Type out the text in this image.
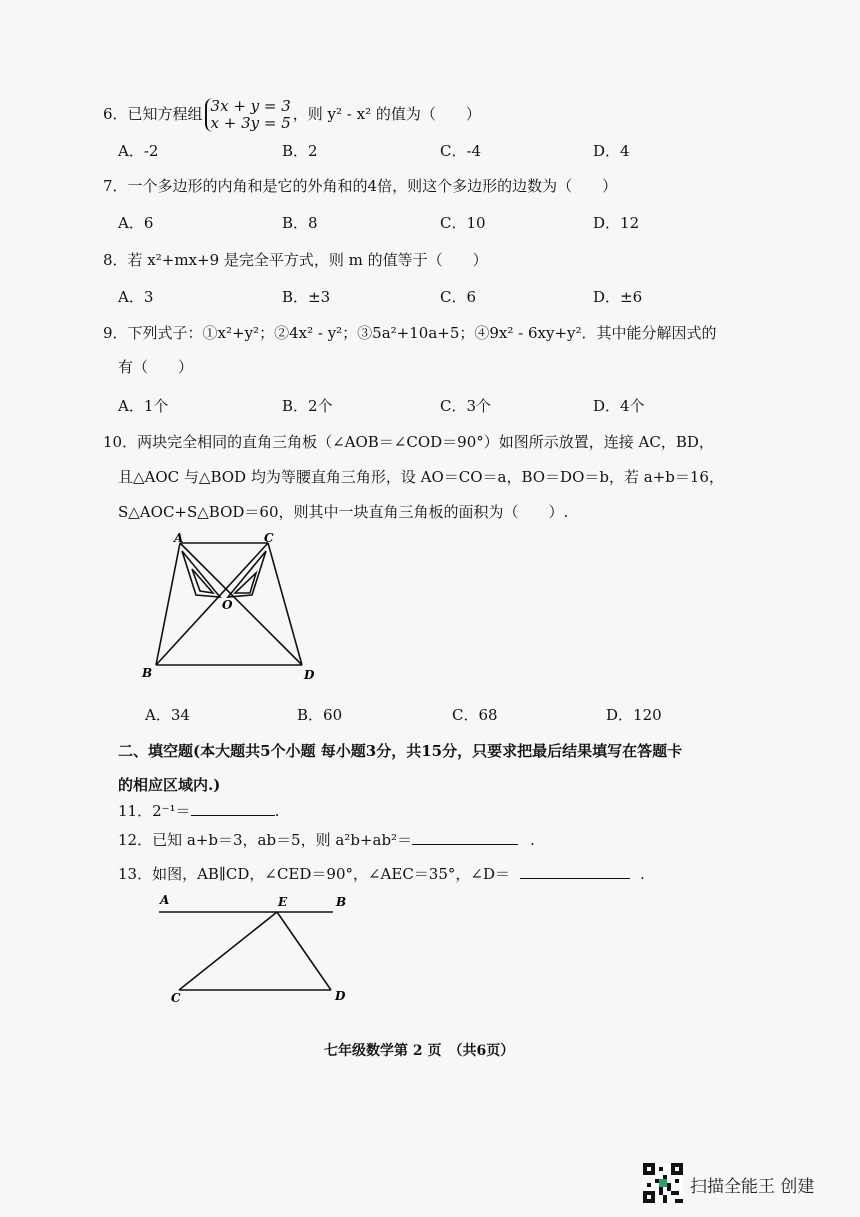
6．已知方程组 3x + y = 3
x + 3y = 5 ，则 y² - x² 的值为（　　）
A．-2	B．2	C．-4	D．4
7．一个多边形的内角和是它的外角和的4倍，则这个多边形的边数为（　　）
A．6	B．8	C．10	D．12
8．若 x²+mx+9 是完全平方式，则 m 的值等于（　　）
A．3	B．±3	C．6	D．±6
9．下列式子：①x²+y²；②4x² - y²；③5a²+10a+5；④9x² - 6xy+y²．其中能分解因式的
有（　　）
A．1个	B．2个	C．3个	D．4个
10．两块完全相同的直角三角板（∠AOB＝∠COD＝90°）如图所示放置，连接 AC，BD，
且△AOC 与△BOD 均为等腰直角三角形，设 AO＝CO＝a，BO＝DO＝b，若 a+b＝16，
S△AOC+S△BOD＝60，则其中一块直角三角板的面积为（　　）.
A	C
O
B	D
A．34	B．60	C．68	D．120
二、填空题(本大题共5个小题 每小题3分，共15分，只要求把最后结果填写在答题卡
的相应区域内.)
11．2⁻¹＝	.
12．已知 a+b＝3，ab＝5，则 a²b+ab²＝	.
13．如图，AB∥CD，∠CED＝90°，∠AEC＝35°，∠D＝	.
A	E	B
C	D
七年级数学第 2 页　（共6页）
扫描全能王 创建
